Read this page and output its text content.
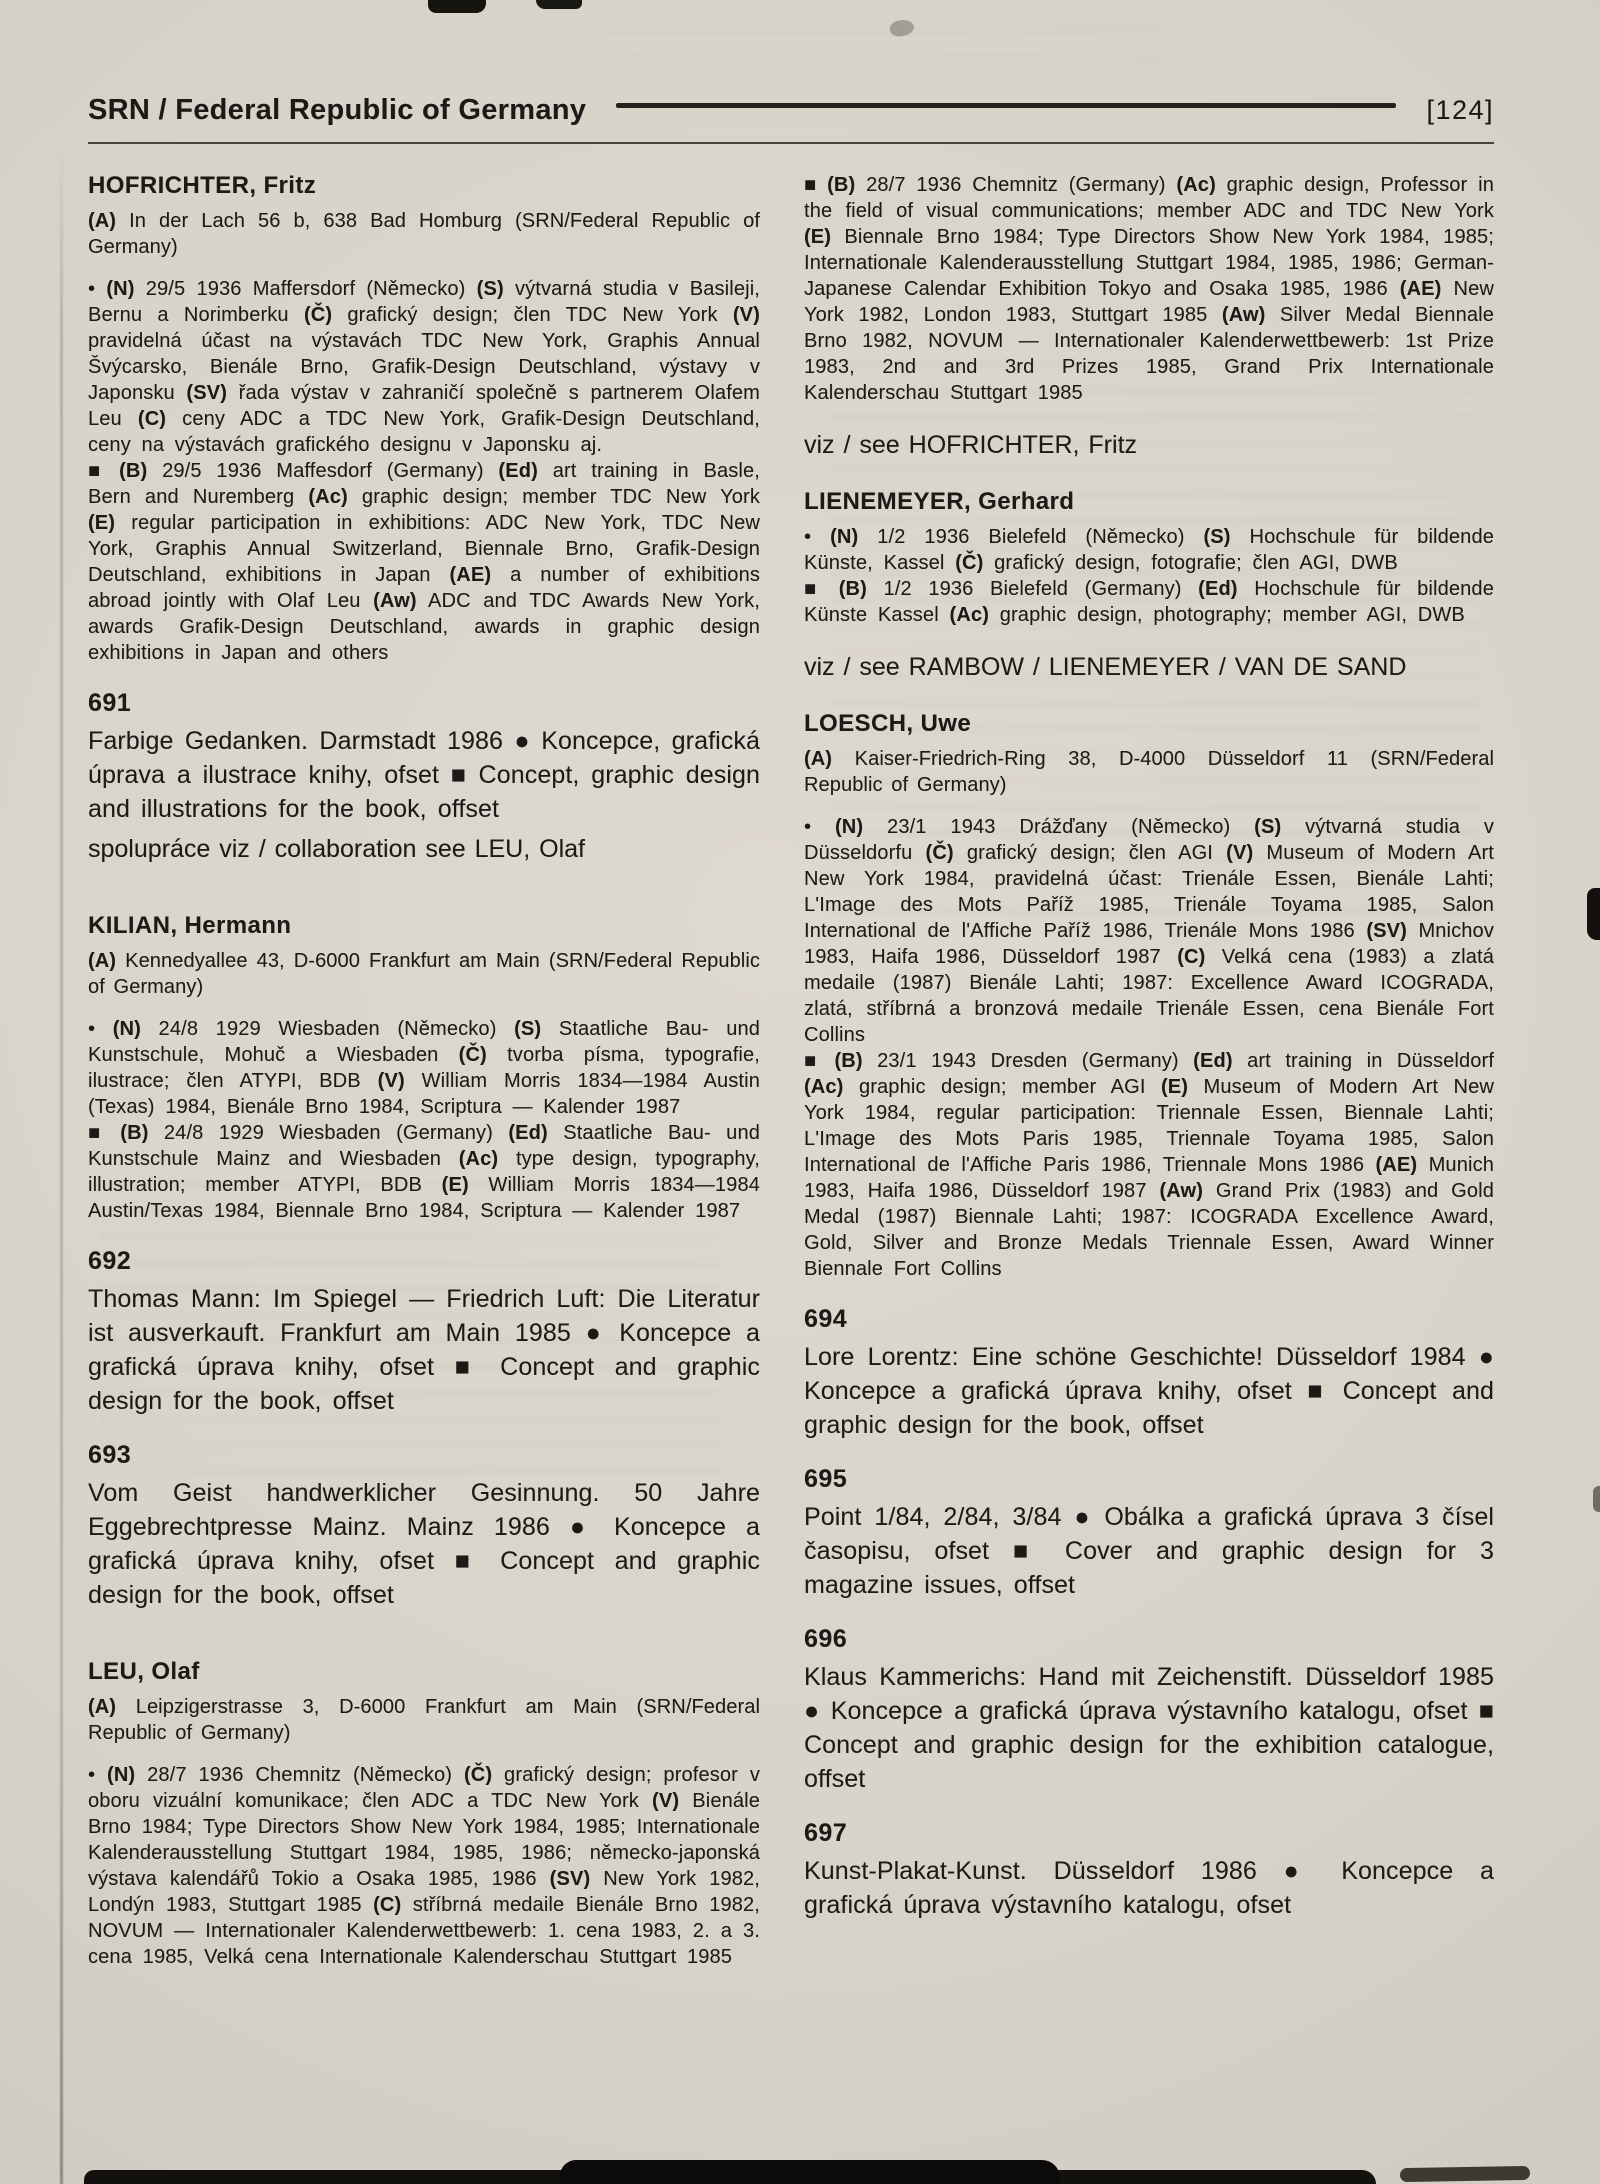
SRN / Federal Republic of Germany	[124]
HOFRICHTER, Fritz

(A) In der Lach 56 b, 638 Bad Homburg (SRN/Federal Republic of Germany)

• (N) 29/5 1936 Maffersdorf (Německo) (S) výtvarná studia v Basileji, Bernu a Norimberku (Č) grafický design; člen TDC New York (V) pravidelná účast na výstavách TDC New York, Graphis Annual Švýcarsko, Bienále Brno, Grafik-Design Deutschland, výstavy v Japonsku (SV) řada výstav v zahraničí společně s partnerem Olafem Leu (C) ceny ADC a TDC New York, Grafik-Design Deutschland, ceny na výstavách grafického designu v Japonsku aj.

■ (B) 29/5 1936 Maffesdorf (Germany) (Ed) art training in Basle, Bern and Nuremberg (Ac) graphic design; member TDC New York (E) regular participation in exhibitions: ADC New York, TDC New York, Graphis Annual Switzerland, Biennale Brno, Grafik-Design Deutschland, exhibitions in Japan (AE) a number of exhibitions abroad jointly with Olaf Leu (Aw) ADC and TDC Awards New York, awards Grafik-Design Deutschland, awards in graphic design exhibitions in Japan and others

691

Farbige Gedanken. Darmstadt 1986 ● Koncepce, grafická úprava a ilustrace knihy, ofset ■ Concept, graphic design and illustrations for the book, offset

spolupráce viz / collaboration see LEU, Olaf

KILIAN, Hermann

(A) Kennedyallee 43, D-6000 Frankfurt am Main (SRN/Federal Republic of Germany)

• (N) 24/8 1929 Wiesbaden (Německo) (S) Staatliche Bau- und Kunstschule, Mohuč a Wiesbaden (Č) tvorba písma, typografie, ilustrace; člen ATYPI, BDB (V) William Morris 1834—1984 Austin (Texas) 1984, Bienále Brno 1984, Scriptura — Kalender 1987

■ (B) 24/8 1929 Wiesbaden (Germany) (Ed) Staatliche Bau- und Kunstschule Mainz and Wiesbaden (Ac) type design, typography, illustration; member ATYPI, BDB (E) William Morris 1834—1984 Austin/Texas 1984, Biennale Brno 1984, Scriptura — Kalender 1987

692

Thomas Mann: Im Spiegel — Friedrich Luft: Die Literatur ist ausverkauft. Frankfurt am Main 1985 ● Koncepce a grafická úprava knihy, ofset ■ Concept and graphic design for the book, offset

693

Vom Geist handwerklicher Gesinnung. 50 Jahre Eggebrechtpresse Mainz. Mainz 1986 ● Koncepce a grafická úprava knihy, ofset ■ Concept and graphic design for the book, offset

LEU, Olaf

(A) Leipzigerstrasse 3, D-6000 Frankfurt am Main (SRN/Federal Republic of Germany)

• (N) 28/7 1936 Chemnitz (Německo) (Č) grafický design; profesor v oboru vizuální komunikace; člen ADC a TDC New York (V) Bienále Brno 1984; Type Directors Show New York 1984, 1985; Internationale Kalenderausstellung Stuttgart 1984, 1985, 1986; německo-japonská výstava kalendářů Tokio a Osaka 1985, 1986 (SV) New York 1982, Londýn 1983, Stuttgart 1985 (C) stříbrná medaile Bienále Brno 1982, NOVUM — Internationaler Kalenderwettbewerb: 1. cena 1983, 2. a 3. cena 1985, Velká cena Internationale Kalenderschau Stuttgart 1985

■ (B) 28/7 1936 Chemnitz (Germany) (Ac) graphic design, Professor in the field of visual communications; member ADC and TDC New York (E) Biennale Brno 1984; Type Directors Show New York 1984, 1985; Internationale Kalenderausstellung Stuttgart 1984, 1985, 1986; German-Japanese Calendar Exhibition Tokyo and Osaka 1985, 1986 (AE) New York 1982, London 1983, Stuttgart 1985 (Aw) Silver Medal Biennale Brno 1982, NOVUM — Internationaler Kalenderwettbewerb: 1st Prize 1983, 2nd and 3rd Prizes 1985, Grand Prix Internationale Kalenderschau Stuttgart 1985

viz / see HOFRICHTER, Fritz

LIENEMEYER, Gerhard

• (N) 1/2 1936 Bielefeld (Německo) (S) Hochschule für bildende Künste, Kassel (Č) grafický design, fotografie; člen AGI, DWB

■ (B) 1/2 1936 Bielefeld (Germany) (Ed) Hochschule für bildende Künste Kassel (Ac) graphic design, photography; member AGI, DWB

viz / see RAMBOW / LIENEMEYER / VAN DE SAND

LOESCH, Uwe

(A) Kaiser-Friedrich-Ring 38, D-4000 Düsseldorf 11 (SRN/Federal Republic of Germany)

• (N) 23/1 1943 Drážďany (Německo) (S) výtvarná studia v Düsseldorfu (Č) grafický design; člen AGI (V) Museum of Modern Art New York 1984, pravidelná účast: Trienále Essen, Bienále Lahti; L'Image des Mots Paříž 1985, Trienále Toyama 1985, Salon International de l'Affiche Paříž 1986, Trienále Mons 1986 (SV) Mnichov 1983, Haifa 1986, Düsseldorf 1987 (C) Velká cena (1983) a zlatá medaile (1987) Bienále Lahti; 1987: Excellence Award ICOGRADA, zlatá, stříbrná a bronzová medaile Trienále Essen, cena Bienále Fort Collins

■ (B) 23/1 1943 Dresden (Germany) (Ed) art training in Düsseldorf (Ac) graphic design; member AGI (E) Museum of Modern Art New York 1984, regular participation: Triennale Essen, Biennale Lahti; L'Image des Mots Paris 1985, Triennale Toyama 1985, Salon International de l'Affiche Paris 1986, Triennale Mons 1986 (AE) Munich 1983, Haifa 1986, Düsseldorf 1987 (Aw) Grand Prix (1983) and Gold Medal (1987) Biennale Lahti; 1987: ICOGRADA Excellence Award, Gold, Silver and Bronze Medals Triennale Essen, Award Winner Biennale Fort Collins

694

Lore Lorentz: Eine schöne Geschichte! Düsseldorf 1984 ● Koncepce a grafická úprava knihy, ofset ■ Concept and graphic design for the book, offset

695

Point 1/84, 2/84, 3/84 ● Obálka a grafická úprava 3 čísel časopisu, ofset ■ Cover and graphic design for 3 magazine issues, offset

696

Klaus Kammerichs: Hand mit Zeichenstift. Düsseldorf 1985 ● Koncepce a grafická úprava výstavního katalogu, ofset ■ Concept and graphic design for the exhibition catalogue, offset

697

Kunst-Plakat-Kunst. Düsseldorf 1986 ● Koncepce a grafická úprava výstavního katalogu, ofset
